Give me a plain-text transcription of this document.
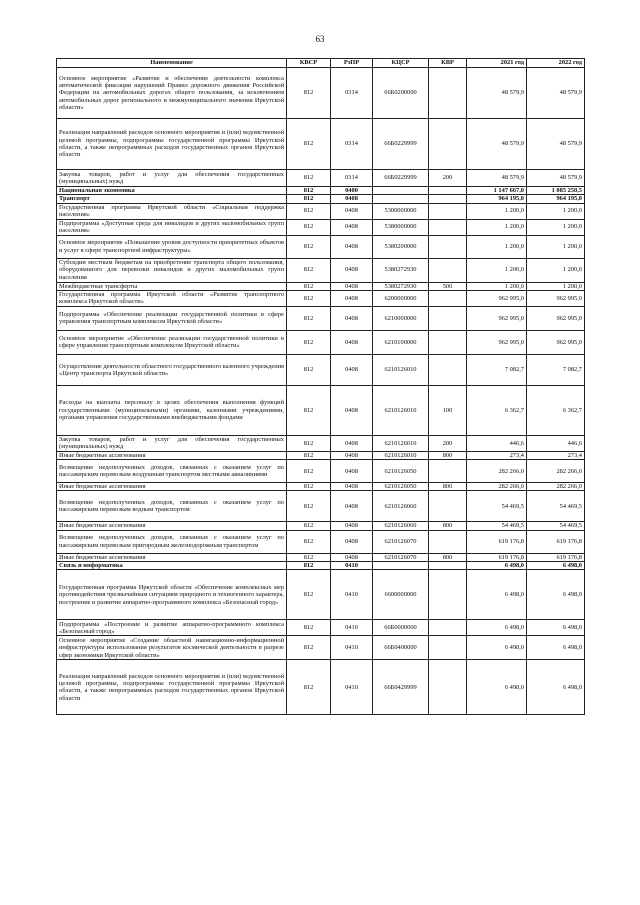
63
Наименование	КВСР	РзПР	КЦСР	КВР	2021 год	2022 год
Основное мероприятие «Развитие и обеспечение деятельности комплекса автоматической фиксации нарушений Правил дорожного движения Российской Федерации на автомобильных дорогах общего пользования, за исключением автомобильных дорог регионального и межмуниципального значения Иркутской области»	812	0314	66Б0200000		48 579,9	48 579,9
Реализация направлений расходов основного мероприятия и (или) ведомственной целевой программы, подпрограммы государственной программы Иркутской области, а также непрограммных расходов государственных органов Иркутской области	812	0314	66Б0229999		48 579,9	48 579,9
Закупка товаров, работ и услуг для обеспечения государственных (муниципальных) нужд	812	0314	66Б0229999	200	48 579,9	48 579,9
Национальная экономика	812	0400			1 147 667,0	1 085 250,5
Транспорт	812	0408			964 195,0	964 195,0
Государственная программа Иркутской области «Социальная поддержка населения»	812	0408	5300000000		1 200,0	1 200,0
Подпрограмма «Доступная среда для инвалидов и других маломобильных групп населения»	812	0408	5380000000		1 200,0	1 200,0
Основное мероприятие «Повышение уровня доступности приоритетных объектов и услуг в сфере транспортной инфраструктуры»	812	0408	5380200000		1 200,0	1 200,0
Субсидии местным бюджетам на приобретение транспорта общего пользования, оборудованного для перевозки инвалидов и других маломобильных групп населения	812	0408	5380272930		1 200,0	1 200,0
Межбюджетные трансферты	812	0408	5380272930	500	1 200,0	1 200,0
Государственная программа Иркутской области «Развитие транспортного комплекса Иркутской области»	812	0408	6200000000		962 995,0	962 995,0
Подпрограмма «Обеспечение реализации государственной политики в сфере управления транспортным комплексом Иркутской области»	812	0408	6210000000		962 995,0	962 995,0
Основное мероприятие «Обеспечение реализации государственной политики в сфере управления транспортным комплексом Иркутской области»	812	0408	6210100000		962 995,0	962 995,0
Осуществление деятельности областного государственного казенного учреждения «Центр транспорта Иркутской области»	812	0408	6210126010		7 082,7	7 082,7
Расходы на выплаты персоналу в целях обеспечения выполнения функций государственными (муниципальными) органами, казенными учреждениями, органами управления государственными внебюджетными фондами	812	0408	6210126010	100	6 362,7	6 362,7
Закупка товаров, работ и услуг для обеспечения государственных (муниципальных) нужд	812	0408	6210126010	200	446,6	446,6
Иные бюджетные ассигнования	812	0408	6210126010	800	273,4	273,4
Возмещение недополученных доходов, связанных с оказанием услуг по пассажирским перевозкам воздушным транспортом местными авиалиниями	812	0408	6210126050		282 266,0	282 266,0
Иные бюджетные ассигнования	812	0408	6210126050	800	282 266,0	282 266,0
Возмещение недополученных доходов, связанных с оказанием услуг по пассажирским перевозкам водным транспортом	812	0408	6210126060		54 469,5	54 469,5
Иные бюджетные ассигнования	812	0408	6210126060	800	54 469,5	54 469,5
Возмещение недополученных доходов, связанных с оказанием услуг по пассажирским перевозкам пригородным железнодорожным транспортом	812	0408	6210126070		619 176,8	619 176,8
Иные бюджетные ассигнования	812	0408	6210126070	800	619 176,8	619 176,8
Связь и информатика	812	0410			6 498,0	6 498,0
Государственная программа Иркутской области «Обеспечение комплексных мер противодействия чрезвычайным ситуациям природного и техногенного характера, построение и развитие аппаратно-программного комплекса «Безопасный город»	812	0410	6600000000		6 498,0	6 498,0
Подпрограмма «Построение и развитие аппаратно-программного комплекса «Безопасный город»	812	0410	66Б0000000		6 498,0	6 498,0
Основное мероприятие «Создание областной навигационно-информационной инфраструктуры использования результатов космической деятельности в разрезе сфер экономики Иркутской области»	812	0410	66Б0400000		6 498,0	6 498,0
Реализация направлений расходов основного мероприятия и (или) ведомственной целевой программы, подпрограммы государственной программы Иркутской области, а также непрограммных расходов государственных органов Иркутской области	812	0410	66Б0429999		6 498,0	6 498,0
